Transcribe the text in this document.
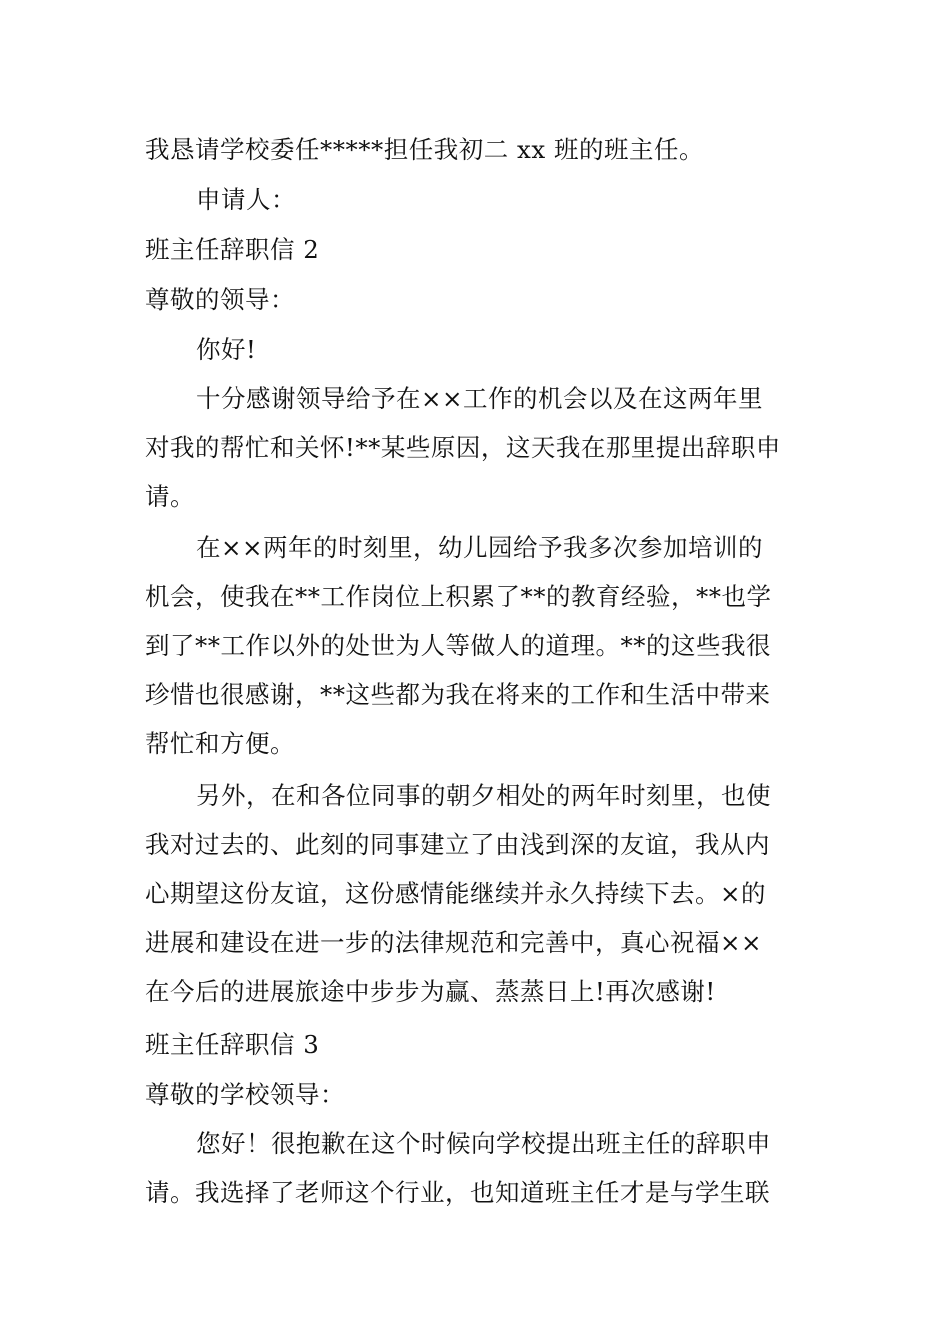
我恳请学校委任*****担任我初二 xx 班的班主任。
申请人：
班主任辞职信 2
尊敬的领导：
你好!
十分感谢领导给予在××工作的机会以及在这两年里
对我的帮忙和关怀!**某些原因，这天我在那里提出辞职申
请。
在××两年的时刻里，幼儿园给予我多次参加培训的
机会，使我在**工作岗位上积累了**的教育经验，**也学
到了**工作以外的处世为人等做人的道理。**的这些我很
珍惜也很感谢，**这些都为我在将来的工作和生活中带来
帮忙和方便。
另外，在和各位同事的朝夕相处的两年时刻里，也使
我对过去的、此刻的同事建立了由浅到深的友谊，我从内
心期望这份友谊，这份感情能继续并永久持续下去。×的
进展和建设在进一步的法律规范和完善中，真心祝福××
在今后的进展旅途中步步为赢、蒸蒸日上!再次感谢!
班主任辞职信 3
尊敬的学校领导：
您好！很抱歉在这个时候向学校提出班主任的辞职申
请。我选择了老师这个行业，也知道班主任才是与学生联
